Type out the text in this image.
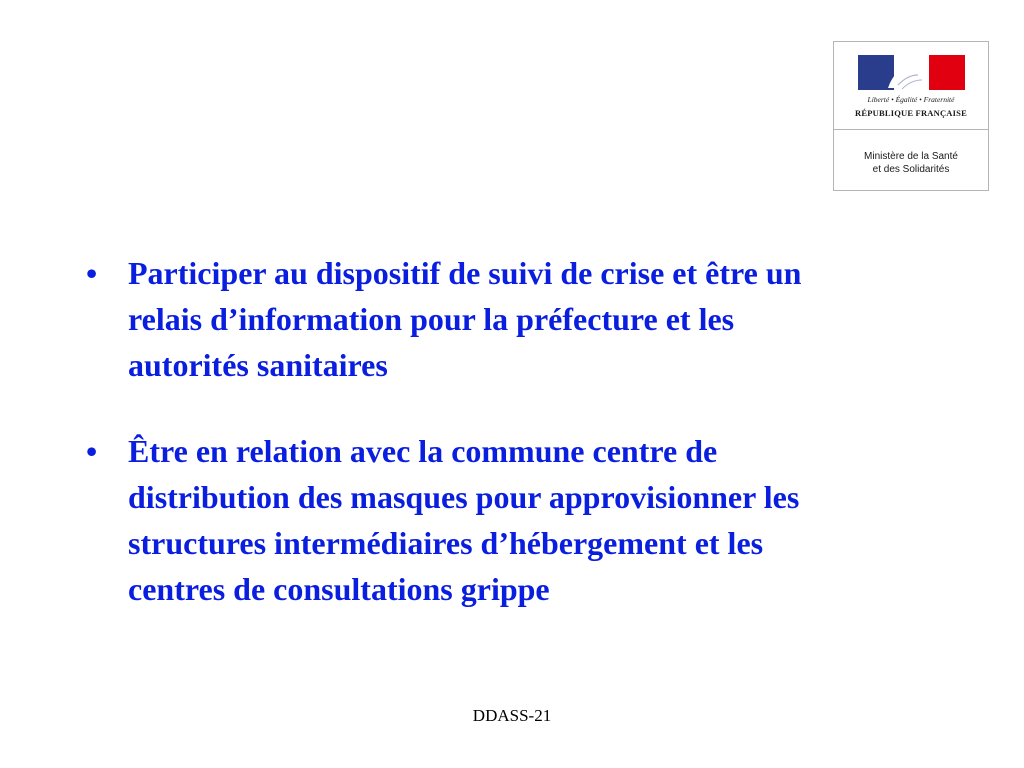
Liberté • Égalité • Fraternité
RÉPUBLIQUE FRANÇAISE
Ministère de la Santé
et des Solidarités
• Participer au dispositif de suivi de crise et être un
relais d’information pour la préfecture et les
autorités sanitaires
• Être en relation avec la commune centre de
distribution des masques pour approvisionner les
structures intermédiaires d’hébergement et les
centres de consultations grippe
DDASS-21
